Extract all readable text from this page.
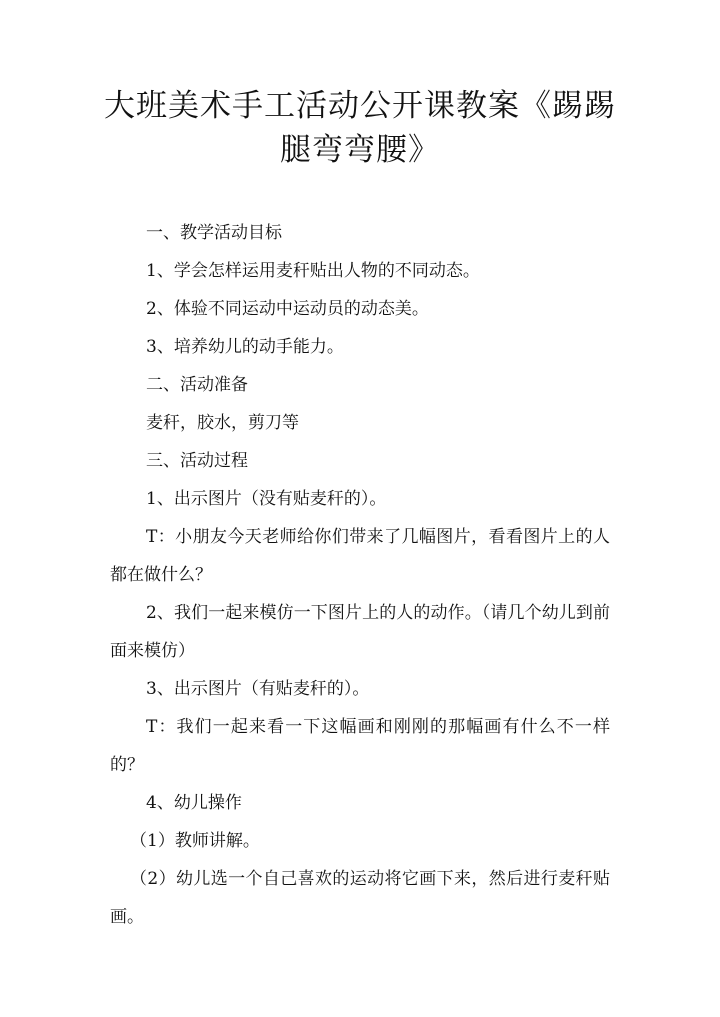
大班美术手工活动公开课教案《踢踢腿弯弯腰》

一、教学活动目标

1、学会怎样运用麦秆贴出人物的不同动态。

2、体验不同运动中运动员的动态美。

3、培养幼儿的动手能力。

二、活动准备

麦秆，胶水，剪刀等

三、活动过程

1、出示图片（没有贴麦秆的）。

T：小朋友今天老师给你们带来了几幅图片，看看图片上的人都在做什么？

2、我们一起来模仿一下图片上的人的动作。（请几个幼儿到前面来模仿）

3、出示图片（有贴麦秆的）。

T：我们一起来看一下这幅画和刚刚的那幅画有什么不一样的？

4、幼儿操作

（1）教师讲解。

（2）幼儿选一个自己喜欢的运动将它画下来，然后进行麦秆贴画。
